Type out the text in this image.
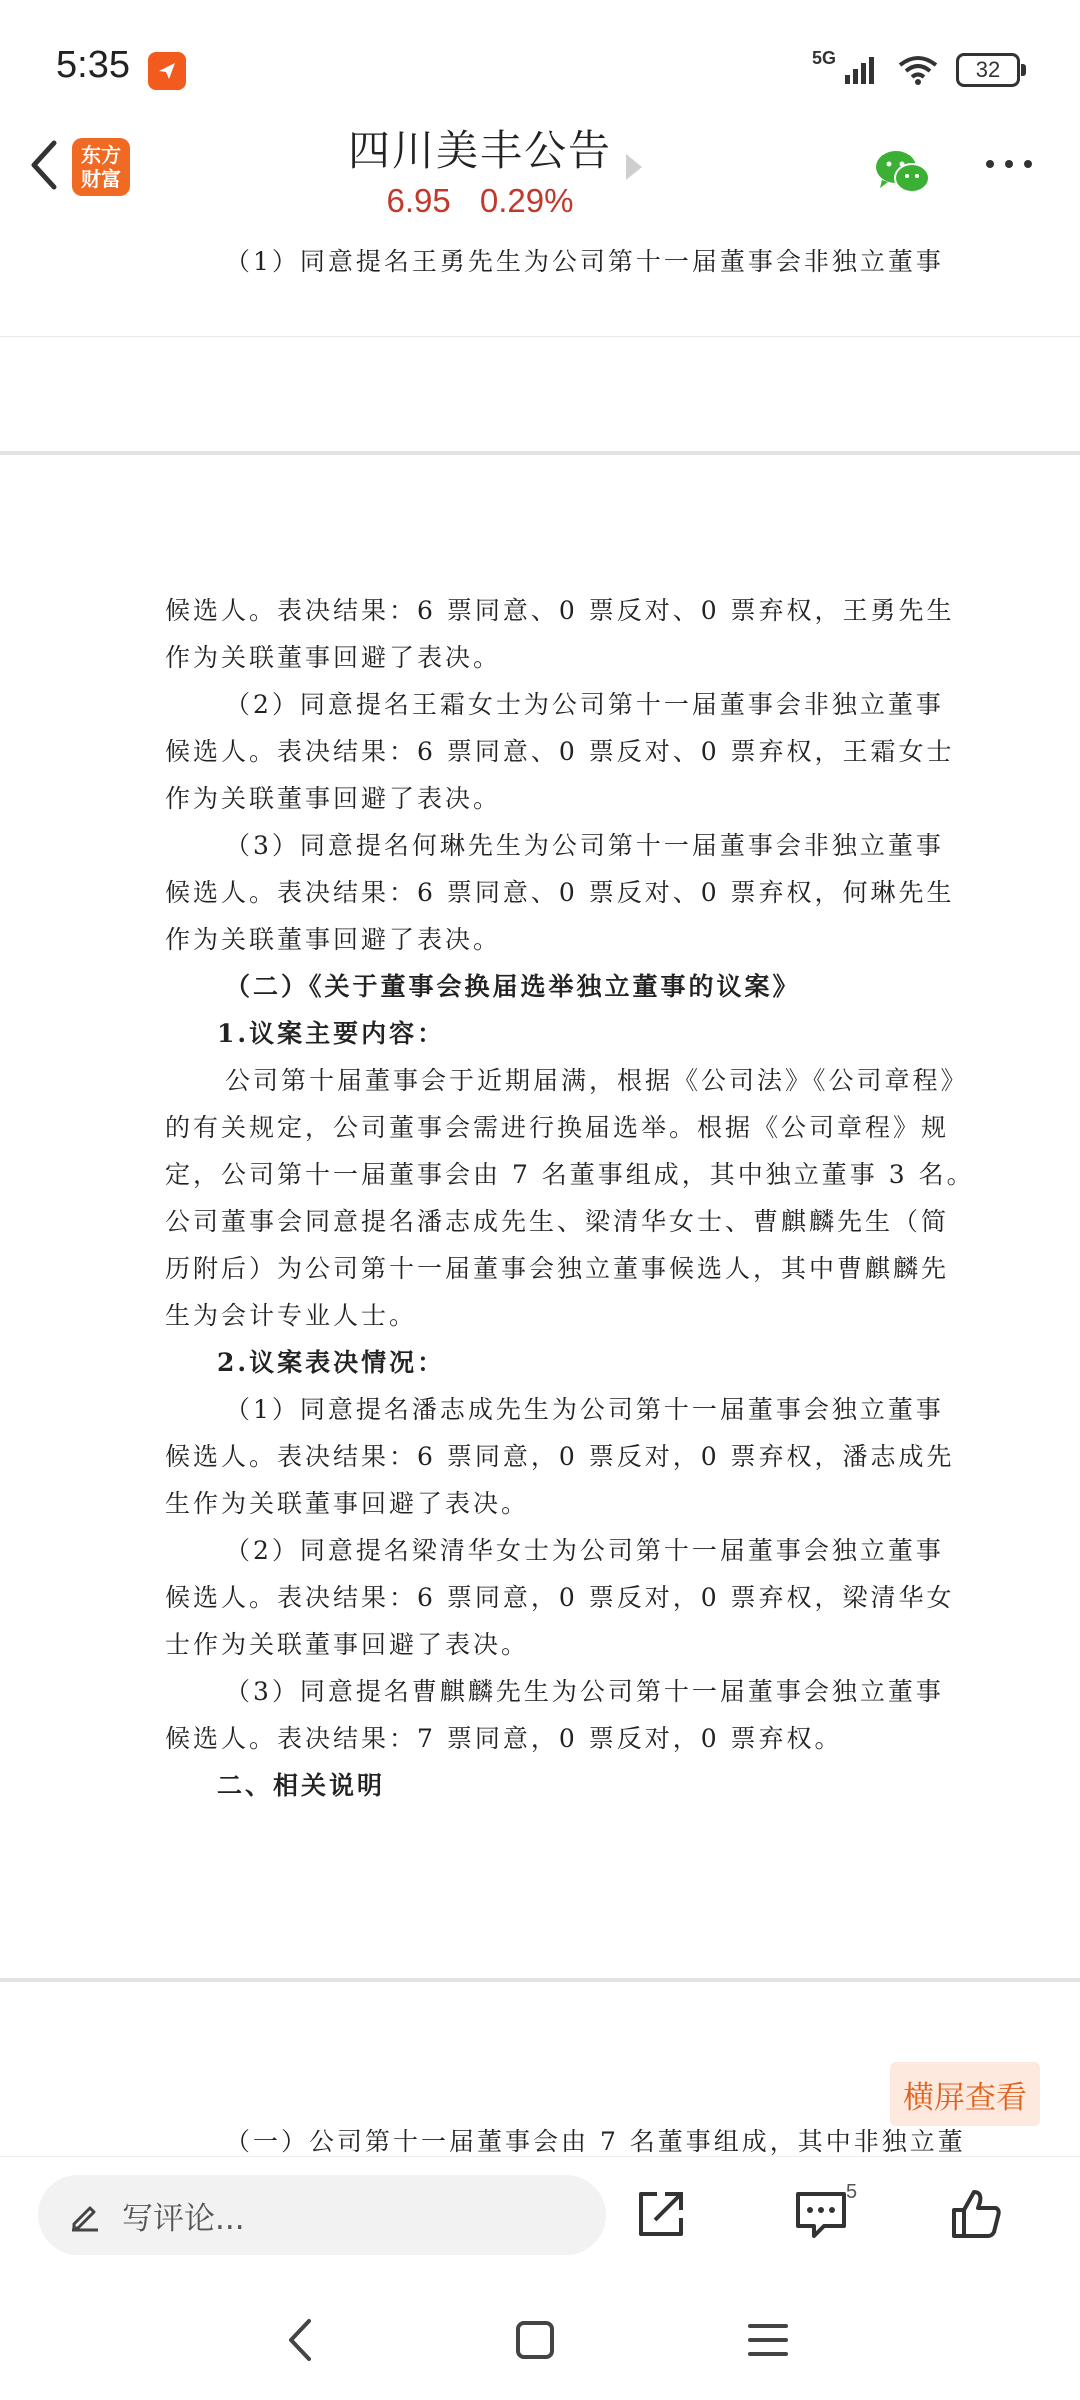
5:35	5G	32
东方
财富
四川美丰公告
6.95 0.29%
（1）同意提名王勇先生为公司第十一届董事会非独立董事
候选人。表决结果：6 票同意、0 票反对、0 票弃权，王勇先生
作为关联董事回避了表决。
（2）同意提名王霜女士为公司第十一届董事会非独立董事
候选人。表决结果：6 票同意、0 票反对、0 票弃权，王霜女士
作为关联董事回避了表决。
（3）同意提名何琳先生为公司第十一届董事会非独立董事
候选人。表决结果：6 票同意、0 票反对、0 票弃权，何琳先生
作为关联董事回避了表决。
（二）《关于董事会换届选举独立董事的议案》
1.议案主要内容：
公司第十届董事会于近期届满，根据《公司法》《公司章程》
的有关规定，公司董事会需进行换届选举。根据《公司章程》规
定，公司第十一届董事会由 7 名董事组成，其中独立董事 3 名。
公司董事会同意提名潘志成先生、梁清华女士、曹麒麟先生（简
历附后）为公司第十一届董事会独立董事候选人，其中曹麒麟先
生为会计专业人士。
2.议案表决情况：
（1）同意提名潘志成先生为公司第十一届董事会独立董事
候选人。表决结果：6 票同意，0 票反对，0 票弃权，潘志成先
生作为关联董事回避了表决。
（2）同意提名梁清华女士为公司第十一届董事会独立董事
候选人。表决结果：6 票同意，0 票反对，0 票弃权，梁清华女
士作为关联董事回避了表决。
（3）同意提名曹麒麟先生为公司第十一届董事会独立董事
候选人。表决结果：7 票同意，0 票反对，0 票弃权。
二、相关说明
（一）公司第十一届董事会由 7 名董事组成，其中非独立董
横屏查看
写评论...
5
